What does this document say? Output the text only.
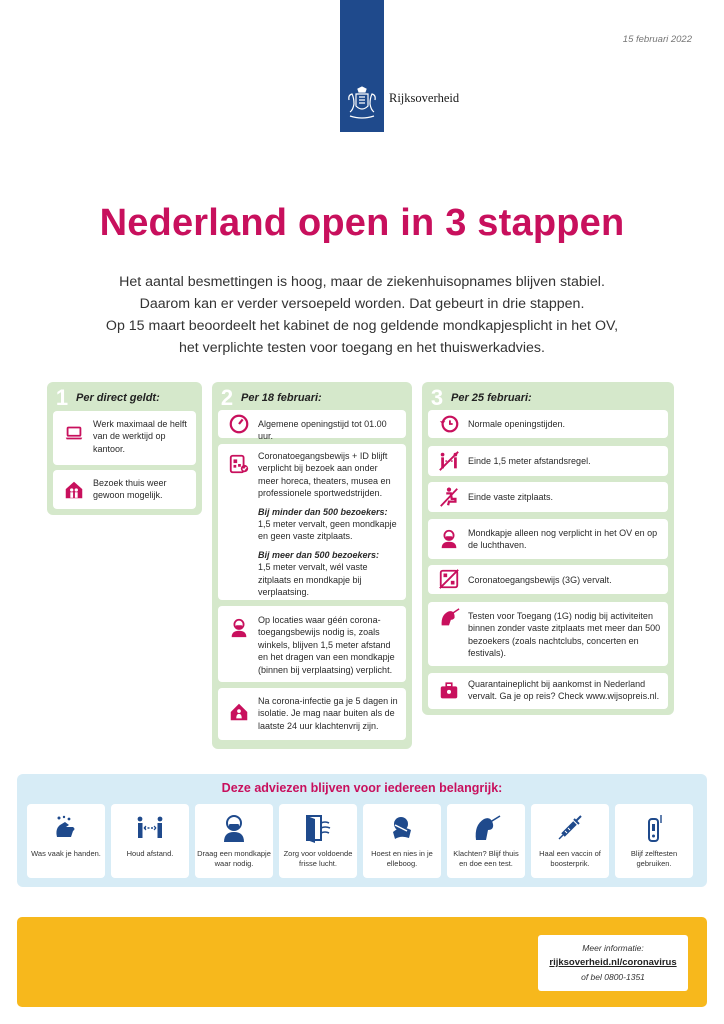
Rijksoverheid
15 februari 2022
Nederland open in 3 stappen
Het aantal besmettingen is hoog, maar de ziekenhuisopnames blijven stabiel.
Daarom kan er verder versoepeld worden. Dat gebeurt in drie stappen.
Op 15 maart beoordeelt het kabinet de nog geldende mondkapjesplicht in het OV,
het verplichte testen voor toegang en het thuiswerkadvies.
1 Per direct geldt:
Werk maximaal de helft van de werktijd op kantoor.
Bezoek thuis weer gewoon mogelijk.
2 Per 18 februari:
Algemene openingstijd tot 01.00 uur.
Coronatoegangsbewijs + ID blijft verplicht bij bezoek aan onder meer horeca, theaters, musea en professionele sportwedstrijden.
Bij minder dan 500 bezoekers:
1,5 meter vervalt, geen mondkapje en geen vaste zitplaats.
Bij meer dan 500 bezoekers:
1,5 meter vervalt, wél vaste zitplaats en mondkapje bij verplaatsing.
Op locaties waar géén corona-toegangsbewijs nodig is, zoals winkels, blijven 1,5 meter afstand en het dragen van een mondkapje (binnen bij verplaatsing) verplicht.
Na corona-infectie ga je 5 dagen in isolatie. Je mag naar buiten als de laatste 24 uur klachtenvrij zijn.
3 Per 25 februari:
Normale openingstijden.
Einde 1,5 meter afstandsregel.
Einde vaste zitplaats.
Mondkapje alleen nog verplicht in het OV en op de luchthaven.
Coronatoegangsbewijs (3G) vervalt.
Testen voor Toegang (1G) nodig bij activiteiten binnen zonder vaste zitplaats met meer dan 500 bezoekers (zoals nachtclubs, concerten en festivals).
Quarantaineplicht bij aankomst in Nederland vervalt. Ga je op reis? Check www.wijsopreis.nl.
Deze adviezen blijven voor iedereen belangrijk:
Was vaak je handen.	Houd afstand.	Draag een mondkapje waar nodig.
Zorg voor voldoende frisse lucht.
Hoest en nies in je elleboog.
Klachten? Blijf thuis en doe een test.
Haal een vaccin of boosterprik.
Blijf zelftesten gebruiken.
Meer informatie:
rijksoverheid.nl/coronavirus
of bel 0800-1351
